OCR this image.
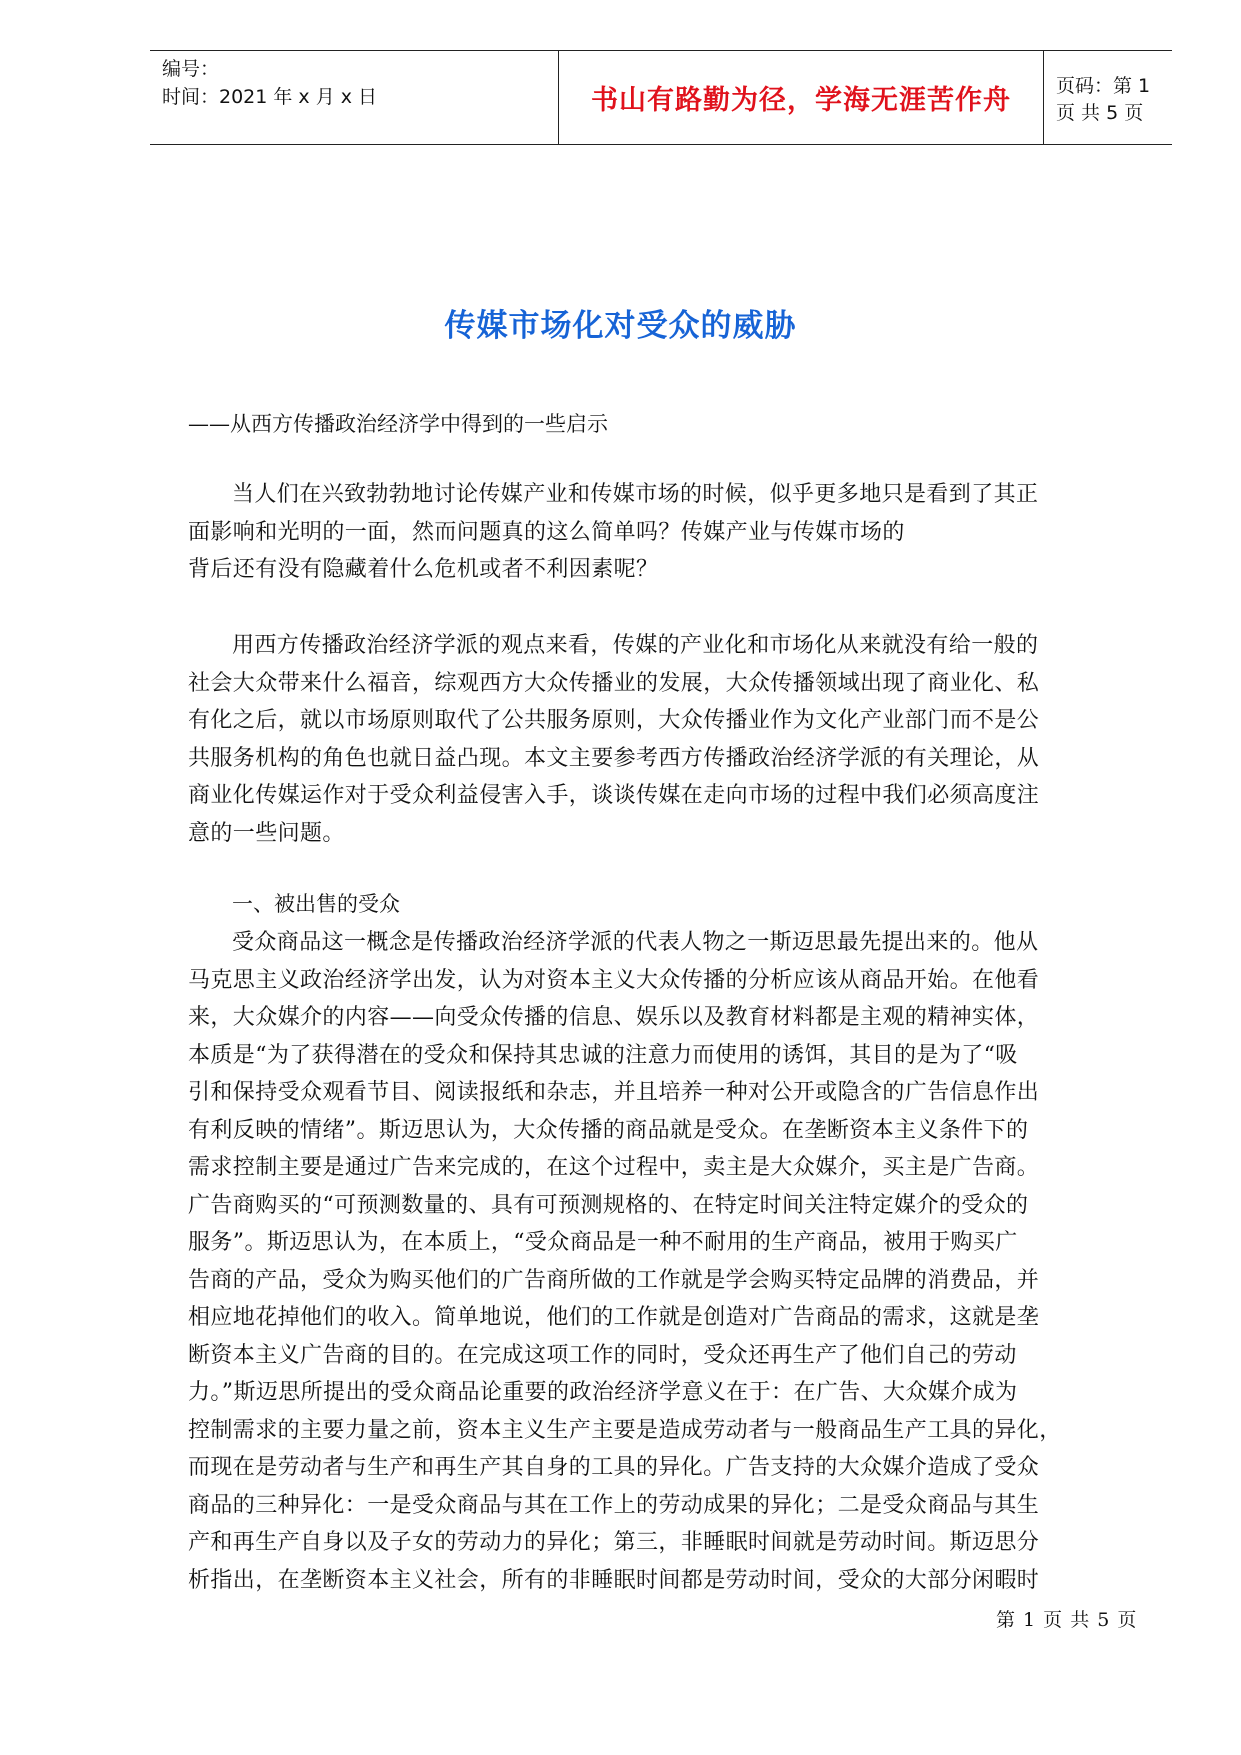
编号：
时间：2021 年 x 月 x 日	书山有路勤为径，学海无涯苦作舟	页码：第 1 页 共 5 页
传媒市场化对受众的威胁
——从西方传播政治经济学中得到的一些启示

当人们在兴致勃勃地讨论传媒产业和传媒市场的时候，似乎更多地只是看到了其正

面影响和光明的一面，然而问题真的这么简单吗？传媒产业与传媒市场的

背后还有没有隐藏着什么危机或者不利因素呢？

用西方传播政治经济学派的观点来看，传媒的产业化和市场化从来就没有给一般的

社会大众带来什么福音，综观西方大众传播业的发展，大众传播领域出现了商业化、私

有化之后，就以市场原则取代了公共服务原则，大众传播业作为文化产业部门而不是公

共服务机构的角色也就日益凸现。本文主要参考西方传播政治经济学派的有关理论，从

商业化传媒运作对于受众利益侵害入手，谈谈传媒在走向市场的过程中我们必须高度注

意的一些问题。

一、被出售的受众

受众商品这一概念是传播政治经济学派的代表人物之一斯迈思最先提出来的。他从

马克思主义政治经济学出发，认为对资本主义大众传播的分析应该从商品开始。在他看

来，大众媒介的内容——向受众传播的信息、娱乐以及教育材料都是主观的精神实体，

本质是“为了获得潜在的受众和保持其忠诚的注意力而使用的诱饵，其目的是为了“吸

引和保持受众观看节目、阅读报纸和杂志，并且培养一种对公开或隐含的广告信息作出

有利反映的情绪”。斯迈思认为，大众传播的商品就是受众。在垄断资本主义条件下的

需求控制主要是通过广告来完成的，在这个过程中，卖主是大众媒介，买主是广告商。

广告商购买的“可预测数量的、具有可预测规格的、在特定时间关注特定媒介的受众的

服务”。斯迈思认为，在本质上，“受众商品是一种不耐用的生产商品，被用于购买广

告商的产品，受众为购买他们的广告商所做的工作就是学会购买特定品牌的消费品，并

相应地花掉他们的收入。简单地说，他们的工作就是创造对广告商品的需求，这就是垄

断资本主义广告商的目的。在完成这项工作的同时，受众还再生产了他们自己的劳动

力。”斯迈思所提出的受众商品论重要的政治经济学意义在于：在广告、大众媒介成为

控制需求的主要力量之前，资本主义生产主要是造成劳动者与一般商品生产工具的异化，

而现在是劳动者与生产和再生产其自身的工具的异化。广告支持的大众媒介造成了受众

商品的三种异化：一是受众商品与其在工作上的劳动成果的异化；二是受众商品与其生

产和再生产自身以及子女的劳动力的异化；第三，非睡眠时间就是劳动时间。斯迈思分

析指出，在垄断资本主义社会，所有的非睡眠时间都是劳动时间，受众的大部分闲暇时

第 1 页 共 5 页
